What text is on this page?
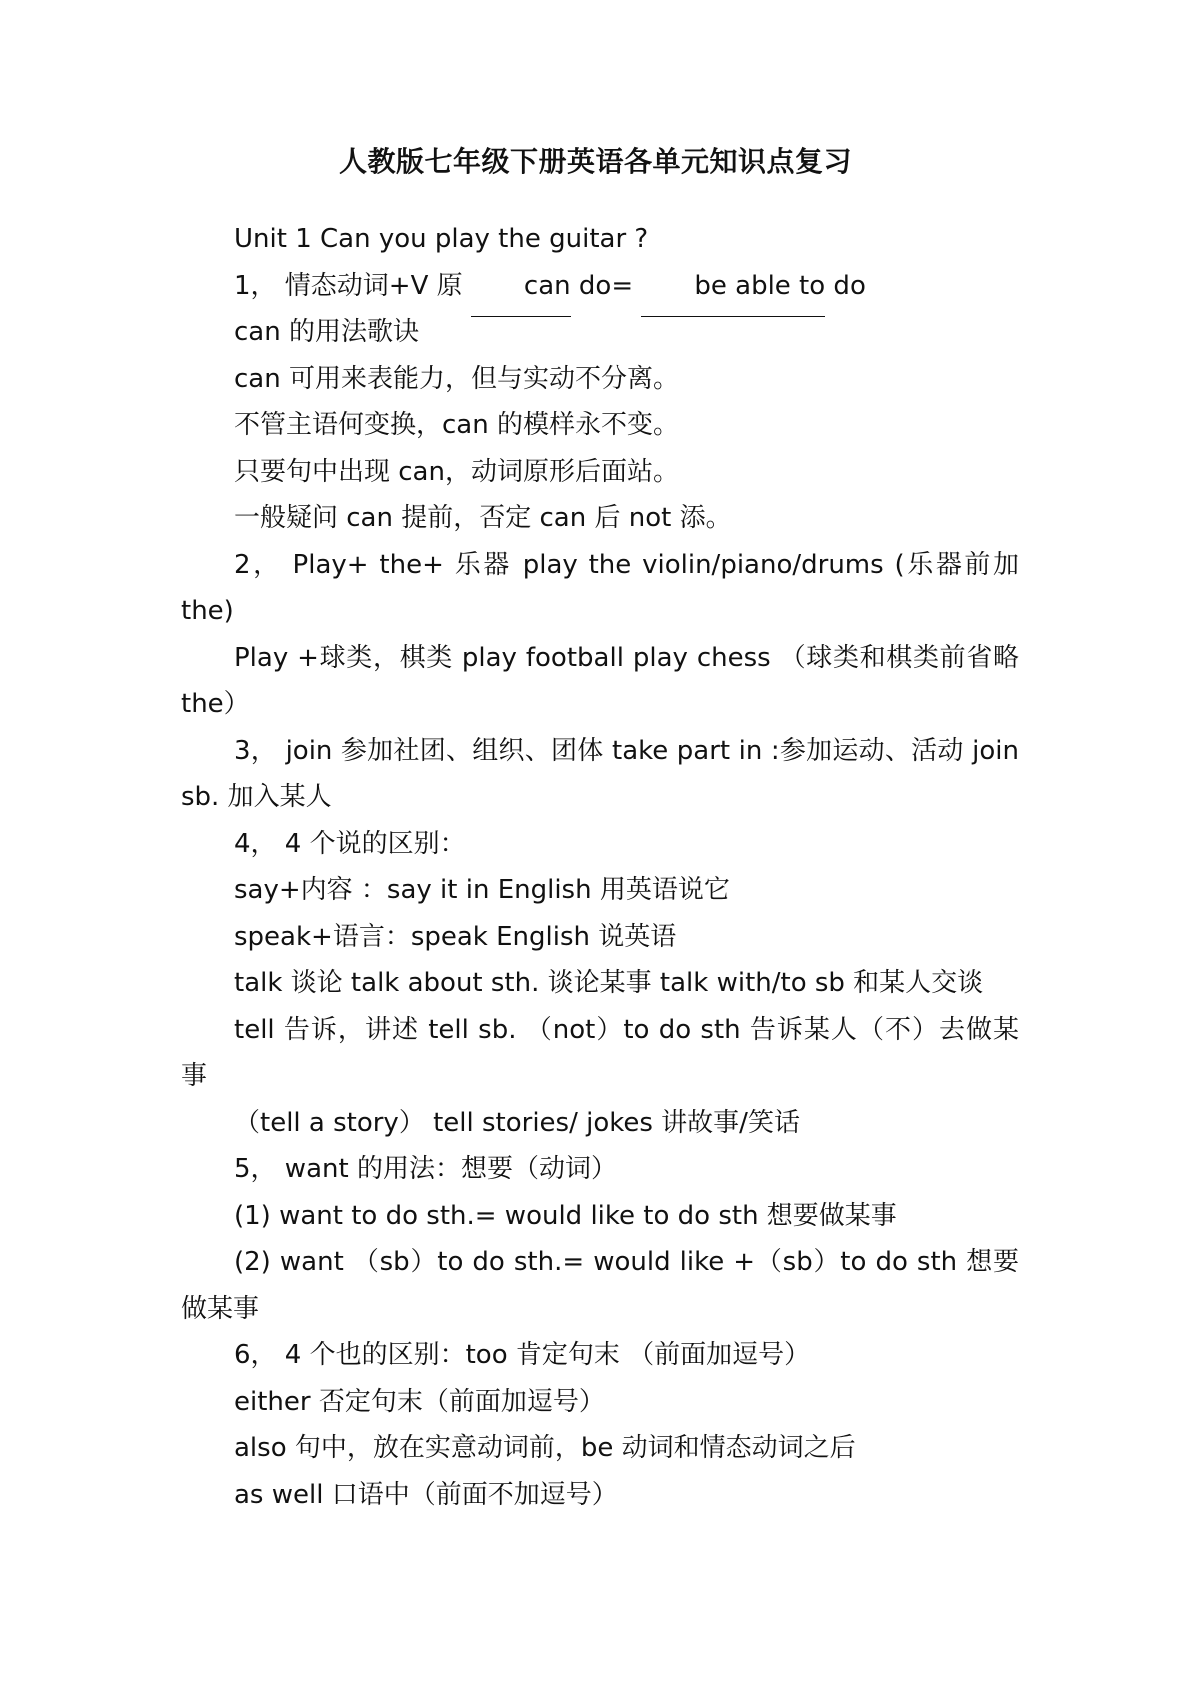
人教版七年级下册英语各单元知识点复习

Unit 1 Can you play the guitar ?

1， 情态动词+V 原 can do= be able to do

can 的用法歌诀

can 可用来表能力，但与实动不分离。

不管主语何变换，can 的模样永不变。

只要句中出现 can，动词原形后面站。

一般疑问 can 提前，否定 can 后 not 添。

2， Play+ the+ 乐器 play the violin/piano/drums (乐器前加 the)

Play +球类，棋类 play football play chess （球类和棋类前省略 the）

3， join 参加社团、组织、团体 take part in :参加运动、活动 join sb. 加入某人

4， 4 个说的区别：

say+内容 ：say it in English 用英语说它

speak+语言：speak English 说英语

talk 谈论 talk about sth. 谈论某事 talk with/to sb 和某人交谈

tell 告诉，讲述 tell sb. （not）to do sth 告诉某人（不）去做某事

（tell a story） tell stories/ jokes 讲故事/笑话

5， want 的用法：想要（动词）

(1) want to do sth.= would like to do sth 想要做某事

(2) want （sb）to do sth.= would like +（sb）to do sth 想要做某事

6， 4 个也的区别：too 肯定句末 （前面加逗号）

either 否定句末（前面加逗号）

also 句中，放在实意动词前，be 动词和情态动词之后

as well 口语中（前面不加逗号）
